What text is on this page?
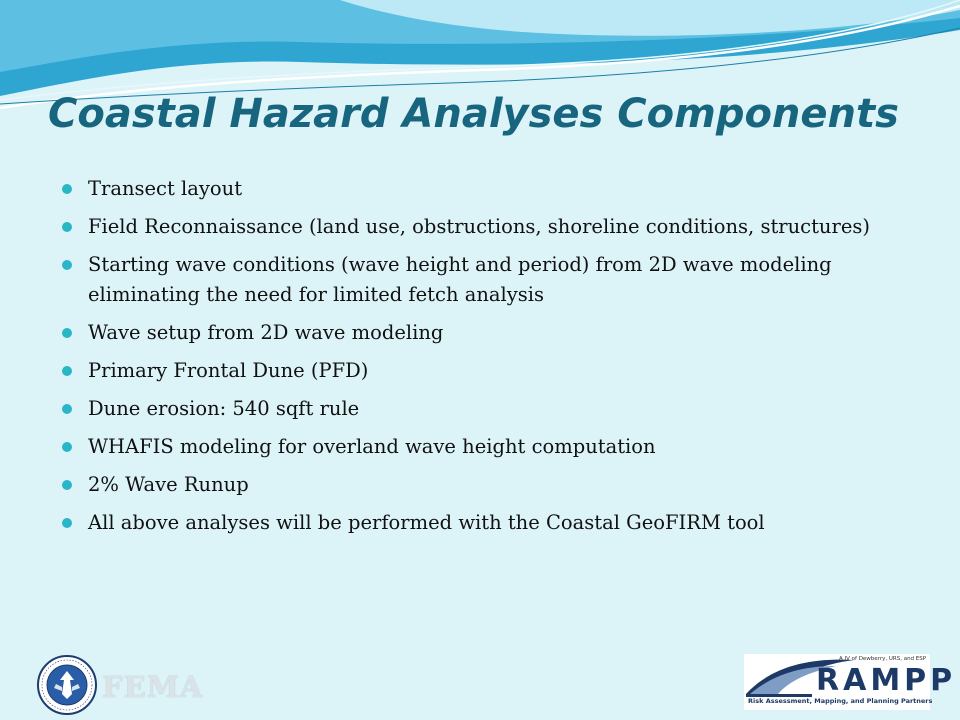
Coastal Hazard Analyses Components
Transect layout
Field Reconnaissance (land use, obstructions, shoreline conditions, structures)
Starting wave conditions (wave height and period) from 2D wave modeling eliminating the need for limited fetch analysis
Wave setup from 2D wave modeling
Primary Frontal Dune (PFD)
Dune erosion: 540 sqft rule
WHAFIS modeling for overland wave height computation
2% Wave Runup
All above analyses will be performed with the Coastal GeoFIRM tool
FEMA
A JV of Dewberry, URS, and ESP
RAMPP
Risk Assessment, Mapping, and Planning Partners
